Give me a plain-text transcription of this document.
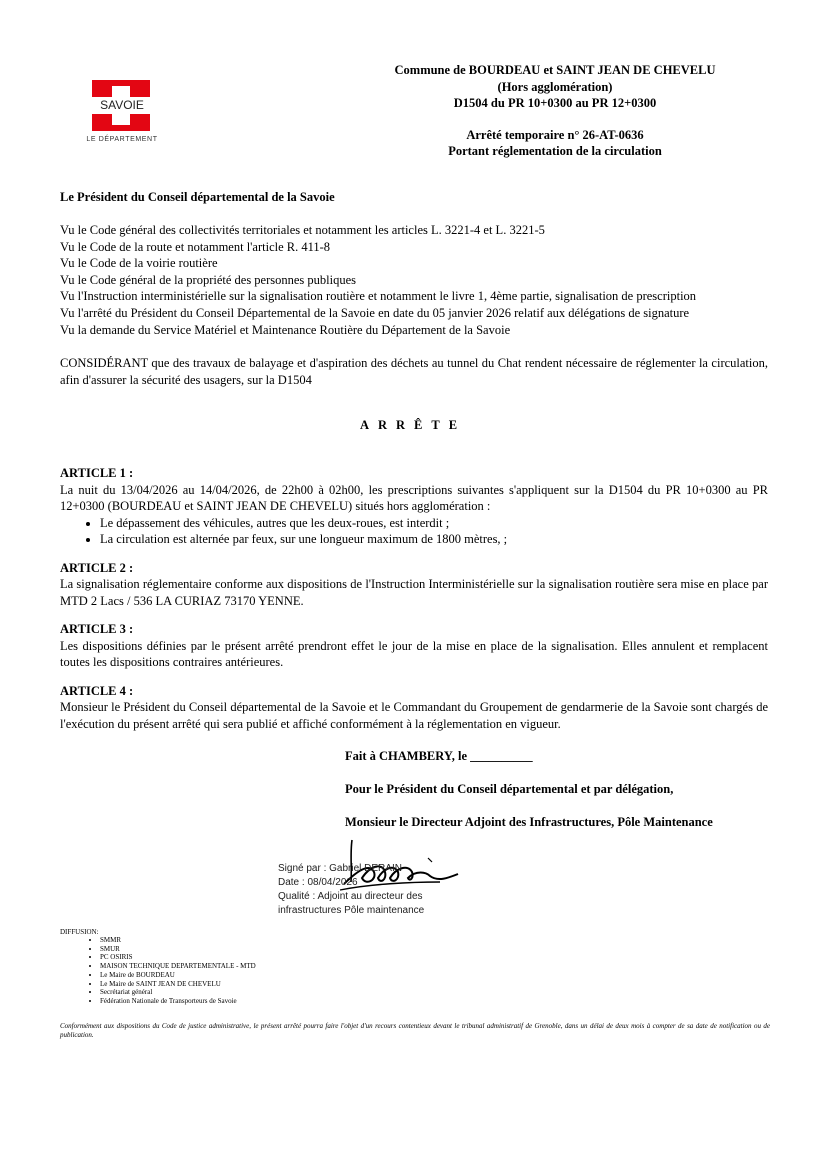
SAVOIE
LE DÉPARTEMENT
Commune de BOURDEAU et SAINT JEAN DE CHEVELU
(Hors agglomération)
D1504 du PR 10+0300 au PR 12+0300
Arrêté temporaire n° 26-AT-0636
Portant réglementation de la circulation
Le Président du Conseil départemental de la Savoie
Vu le Code général des collectivités territoriales et notamment les articles L. 3221-4 et L. 3221-5
Vu le Code de la route et notamment l'article R. 411-8
Vu le Code de la voirie routière
Vu le Code général de la propriété des personnes publiques
Vu l'Instruction interministérielle sur la signalisation routière et notamment le livre 1, 4ème partie, signalisation de prescription
Vu l'arrêté du Président du Conseil Départemental de la Savoie en date du 05 janvier 2026 relatif aux délégations de signature
Vu la demande du Service Matériel et Maintenance Routière du Département de la Savoie
CONSIDÉRANT que des travaux de balayage et d'aspiration des déchets au tunnel du Chat rendent nécessaire de réglementer la circulation, afin d'assurer la sécurité des usagers, sur la D1504
ARRÊTE
ARTICLE 1 :

La nuit du 13/04/2026 au 14/04/2026, de 22h00 à 02h00, les prescriptions suivantes s'appliquent sur la D1504 du PR 10+0300 au PR 12+0300 (BOURDEAU et SAINT JEAN DE CHEVELU) situés hors agglomération :

• Le dépassement des véhicules, autres que les deux-roues, est interdit ;
• La circulation est alternée par feux, sur une longueur maximum de 1800 mètres, ;
ARTICLE 2 :

La signalisation réglementaire conforme aux dispositions de l'Instruction Interministérielle sur la signalisation routière sera mise en place par MTD 2 Lacs / 536 LA CURIAZ 73170 YENNE.

ARTICLE 3 :

Les dispositions définies par le présent arrêté prendront effet le jour de la mise en place de la signalisation. Elles annulent et remplacent toutes les dispositions contraires antérieures.

ARTICLE 4 :

Monsieur le Président du Conseil départemental de la Savoie et le Commandant du Groupement de gendarmerie de la Savoie sont chargés de l'exécution du présent arrêté qui sera publié et affiché conformément à la réglementation en vigueur.

Fait à CHAMBERY, le __________
Pour le Président du Conseil départemental et par délégation,
Monsieur le Directeur Adjoint des Infrastructures, Pôle Maintenance
Signé par : Gabriel DERAIN
Date : 08/04/2026
Qualité : Adjoint au directeur des
infrastructures Pôle maintenance
DIFFUSION:
• SMMR
• SMUR
• PC OSIRIS
• MAISON TECHNIQUE DEPARTEMENTALE - MTD
• Le Maire de BOURDEAU
• Le Maire de SAINT JEAN DE CHEVELU
• Secrétariat général
• Fédération Nationale de Transporteurs de Savoie
Conformément aux dispositions du Code de justice administrative, le présent arrêté pourra faire l'objet d'un recours contentieux devant le tribunal administratif de Grenoble, dans un délai de deux mois à compter de sa date de notification ou de publication.
